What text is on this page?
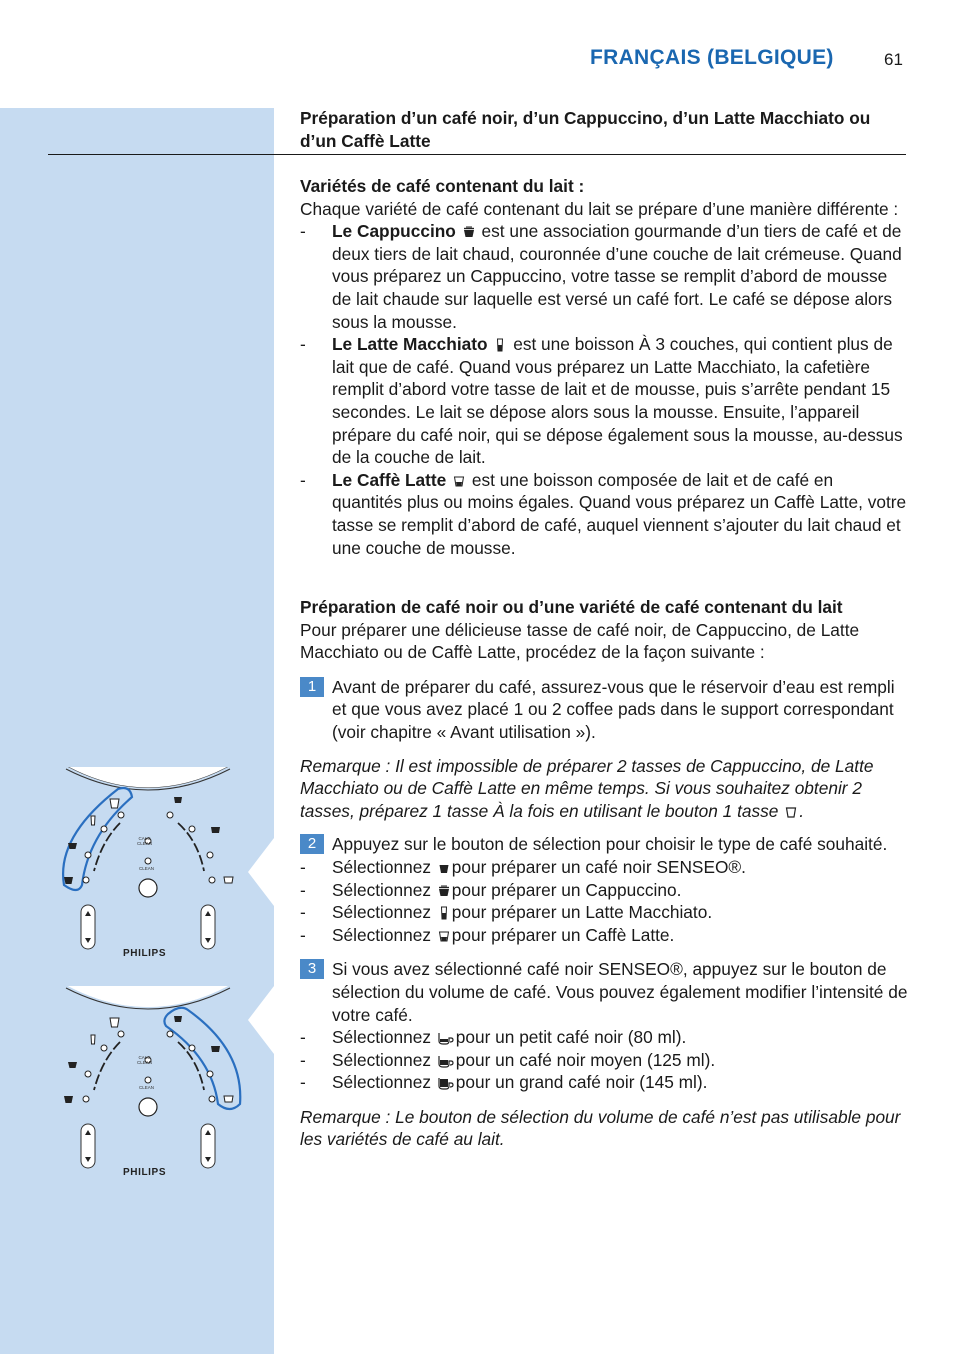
FRANÇAIS (BELGIQUE)	61
Préparation d’un café noir, d’un Cappuccino, d’un Latte Macchiato ou d’un Caffè Latte
Variétés de café contenant du lait :
Chaque variété de café contenant du lait se prépare d’une manière différente :
- Le Cappuccino est une association gourmande d’un tiers de café et de deux tiers de lait chaud, couronnée d’une couche de lait crémeuse. Quand vous préparez un Cappuccino, votre tasse se remplit d’abord de mousse de lait chaude sur laquelle est versé un café fort. Le café se dépose alors sous la mousse.
- Le Latte Macchiato est une boisson À 3 couches, qui contient plus de lait que de café. Quand vous préparez un Latte Macchiato, la cafetière remplit d’abord votre tasse de lait et de mousse, puis s’arrête pendant 15 secondes. Le lait se dépose alors sous la mousse. Ensuite, l’appareil prépare du café noir, qui se dépose également sous la mousse, au-dessus de la couche de lait.
- Le Caffè Latte est une boisson composée de lait et de café en quantités plus ou moins égales. Quand vous préparez un Caffè Latte, votre tasse se remplit d’abord de café, auquel viennent s’ajouter du lait chaud et une couche de mousse.
Préparation de café noir ou d’une variété de café contenant du lait
Pour préparer une délicieuse tasse de café noir, de Cappuccino, de Latte Macchiato ou de Caffè Latte, procédez de la façon suivante :
1 Avant de préparer du café, assurez-vous que le réservoir d’eau est rempli et que vous avez placé 1 ou 2 coffee pads dans le support correspondant (voir chapitre « Avant utilisation »).
Remarque : Il est impossible de préparer 2 tasses de Cappuccino, de Latte Macchiato ou de Caffè Latte en même temps. Si vous souhaitez obtenir 2 tasses, préparez 1 tasse À la fois en utilisant le bouton 1 tasse .
2 Appuyez sur le bouton de sélection pour choisir le type de café souhaité.
- Sélectionnez pour préparer un café noir SENSEO®.
- Sélectionnez pour préparer un Cappuccino.
- Sélectionnez pour préparer un Latte Macchiato.
- Sélectionnez pour préparer un Caffè Latte.
3 Si vous avez sélectionné café noir SENSEO®, appuyez sur le bouton de sélection du volume de café. Vous pouvez également modifier l’intensité de votre café.
- Sélectionnez pour un petit café noir (80 ml).
- Sélectionnez pour un café noir moyen (125 ml).
- Sélectionnez pour un grand café noir (145 ml).
Remarque : Le bouton de sélection du volume de café n’est pas utilisable pour les variétés de café au lait.
CALC
CLEAN
CLEAN
PHILIPS
CALC
CLEAN
CLEAN
PHILIPS
